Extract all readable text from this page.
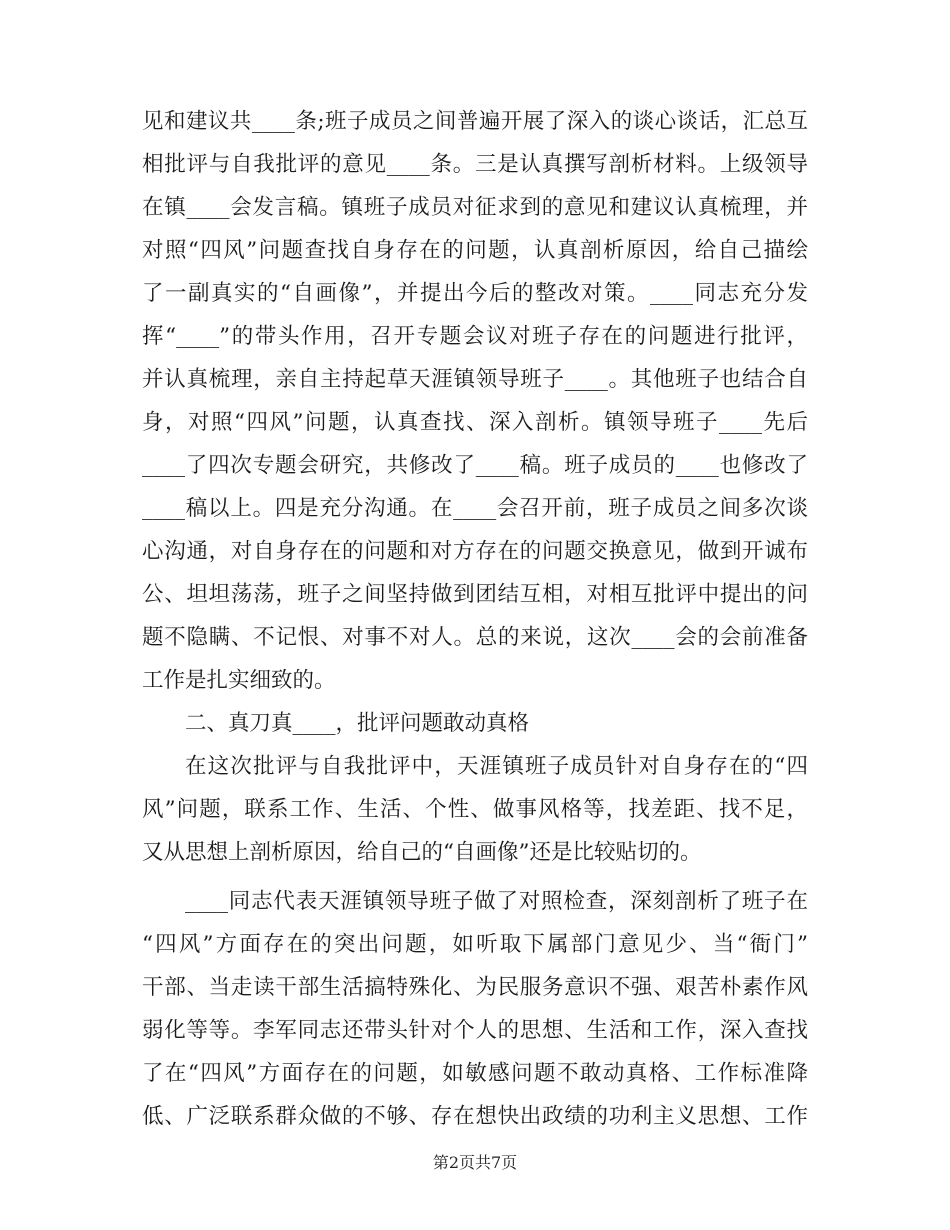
见和建议共____条;班子成员之间普遍开展了深入的谈心谈话，汇总互
相批评与自我批评的意见____条。三是认真撰写剖析材料。上级领导
在镇____会发言稿。镇班子成员对征求到的意见和建议认真梳理，并
对照“四风”问题查找自身存在的问题，认真剖析原因，给自己描绘
了一副真实的“自画像”，并提出今后的整改对策。____同志充分发
挥“____”的带头作用，召开专题会议对班子存在的问题进行批评，
并认真梳理，亲自主持起草天涯镇领导班子____。其他班子也结合自
身，对照“四风”问题，认真查找、深入剖析。镇领导班子____先后
____了四次专题会研究，共修改了____稿。班子成员的____也修改了
____稿以上。四是充分沟通。在____会召开前，班子成员之间多次谈
心沟通，对自身存在的问题和对方存在的问题交换意见，做到开诚布
公、坦坦荡荡，班子之间坚持做到团结互相，对相互批评中提出的问
题不隐瞒、不记恨、对事不对人。总的来说，这次____会的会前准备
工作是扎实细致的。
二、真刀真____，批评问题敢动真格
在这次批评与自我批评中，天涯镇班子成员针对自身存在的“四
风”问题，联系工作、生活、个性、做事风格等，找差距、找不足，
又从思想上剖析原因，给自己的“自画像”还是比较贴切的。
____同志代表天涯镇领导班子做了对照检查，深刻剖析了班子在
“四风”方面存在的突出问题，如听取下属部门意见少、当“衙门”
干部、当走读干部生活搞特殊化、为民服务意识不强、艰苦朴素作风
弱化等等。李军同志还带头针对个人的思想、生活和工作，深入查找
了在“四风”方面存在的问题，如敏感问题不敢动真格、工作标准降
低、广泛联系群众做的不够、存在想快出政绩的功利主义思想、工作
第2页共7页
